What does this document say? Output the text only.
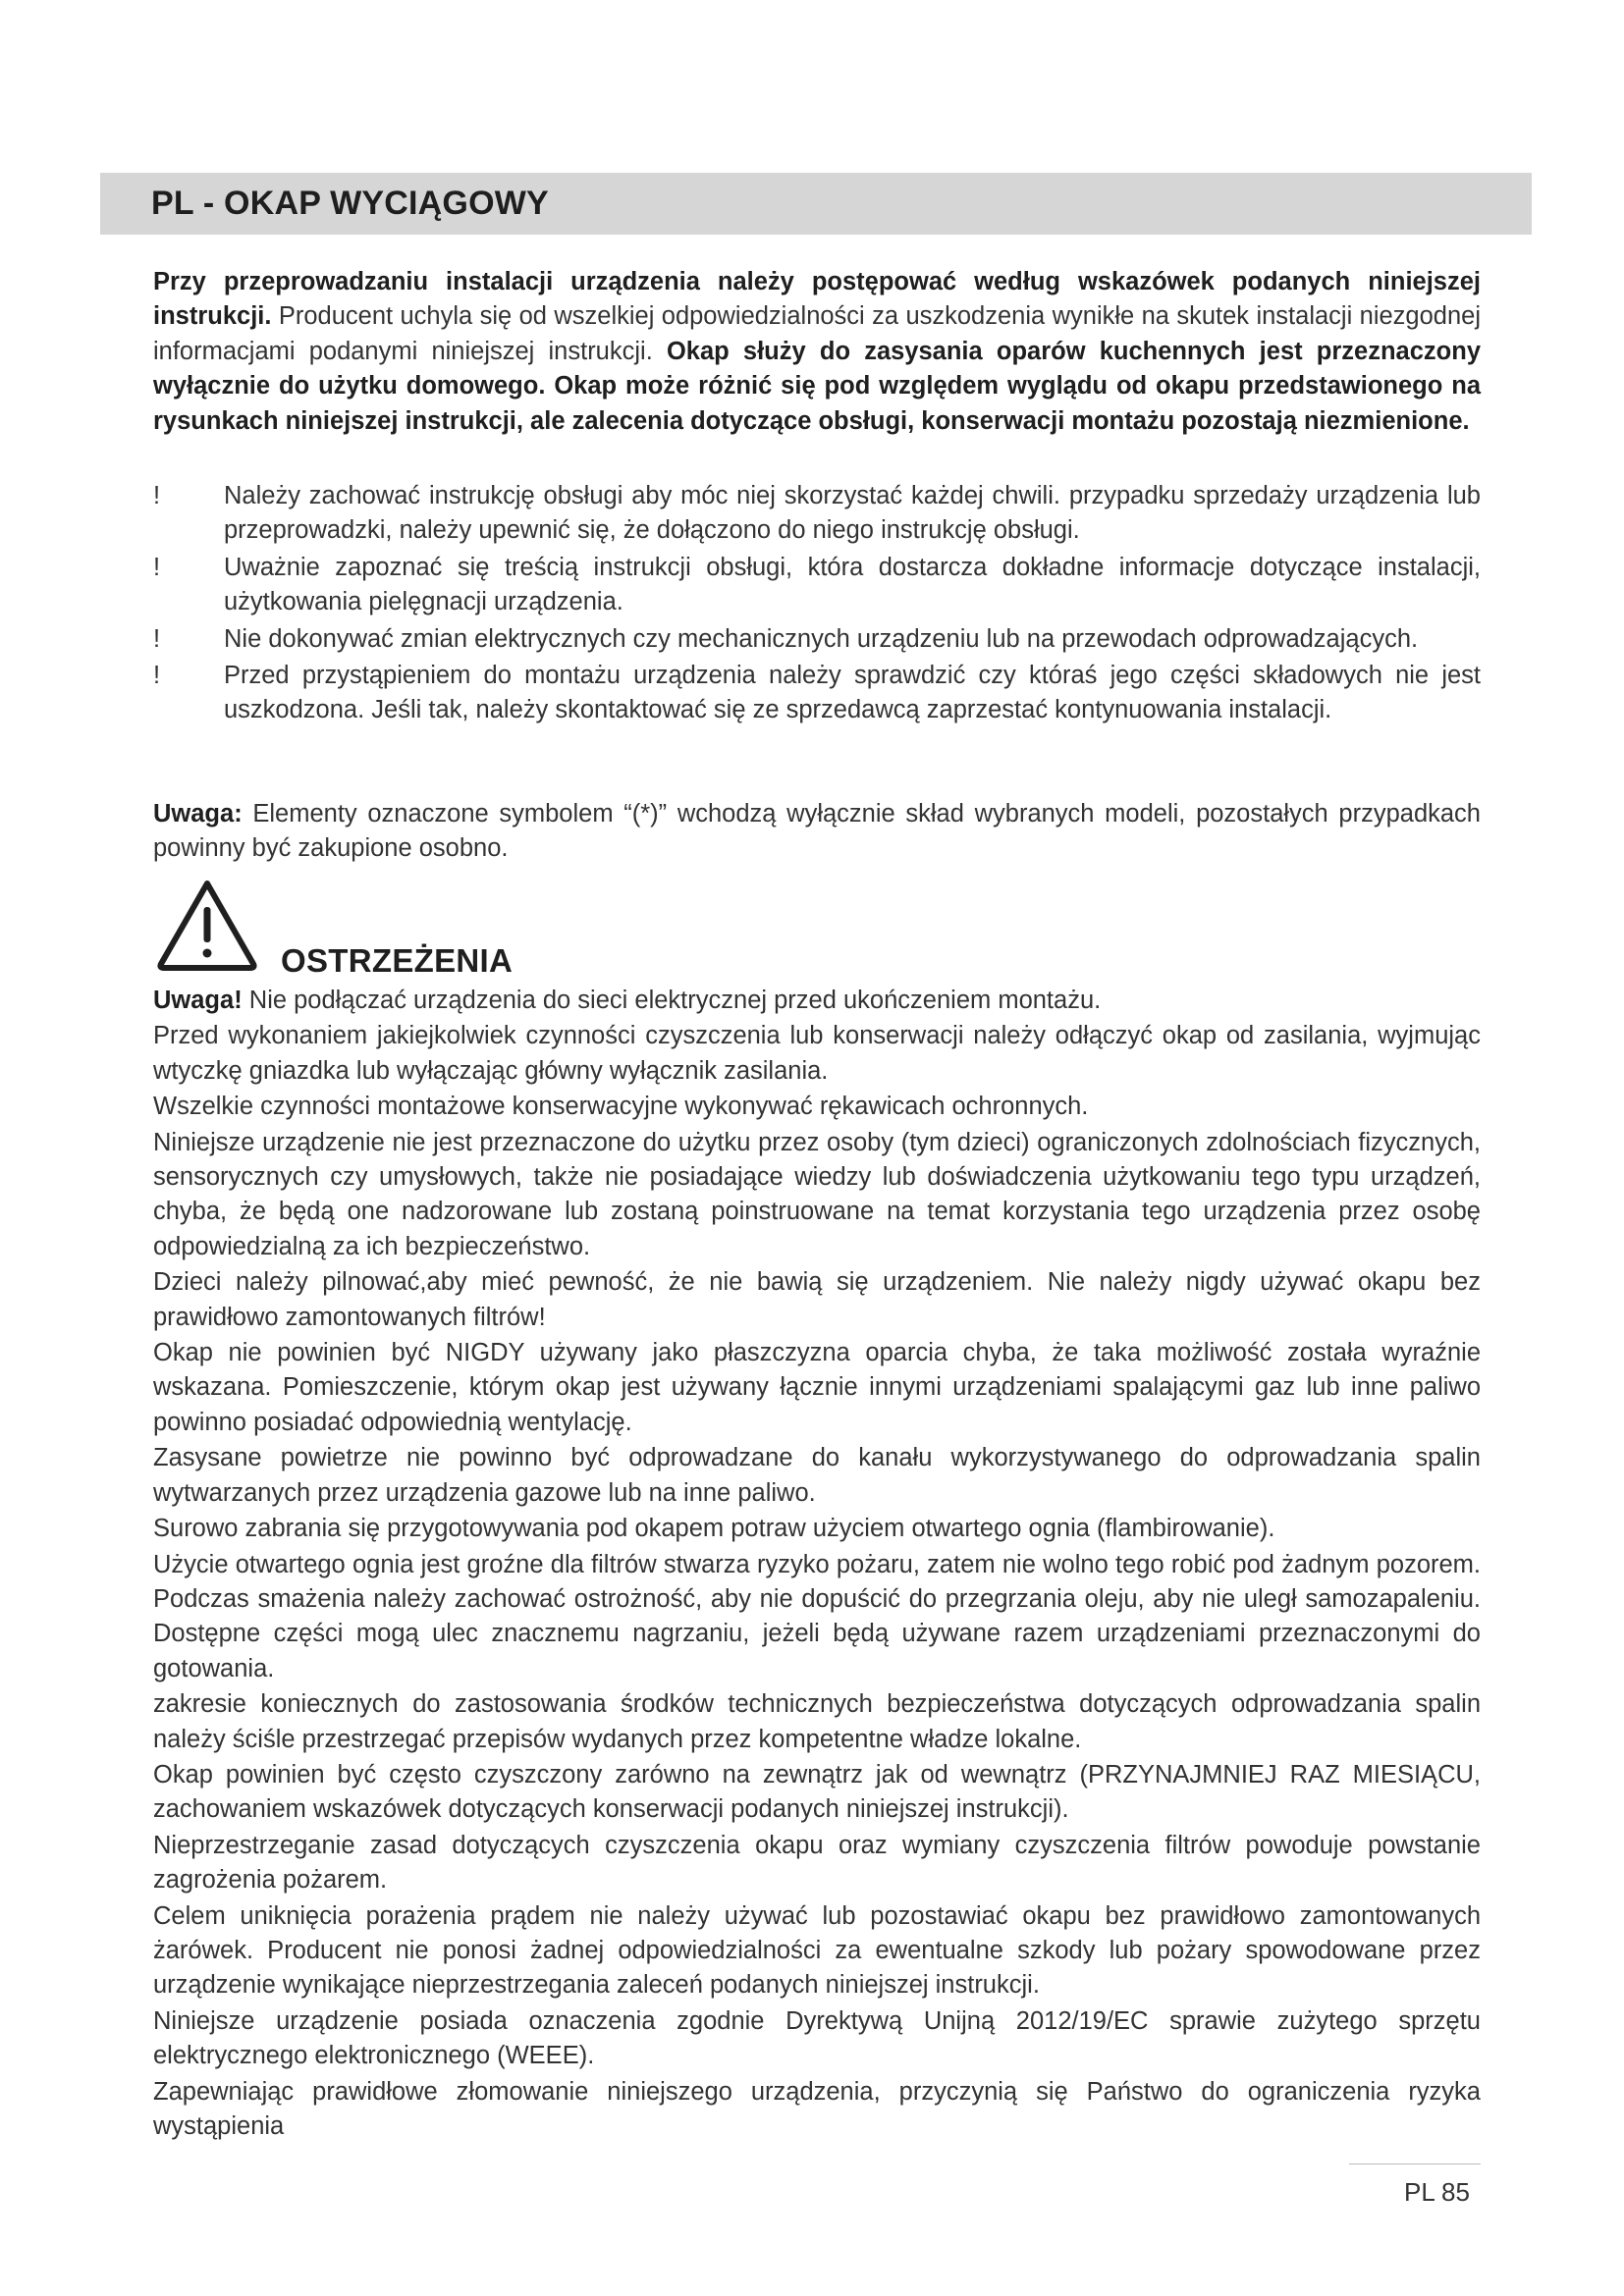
PL - OKAP WYCIĄGOWY
Przy przeprowadzaniu instalacji urządzenia należy postępować według wskazówek podanych niniejszej instrukcji. Producent uchyla się od wszelkiej odpowiedzialności za uszkodzenia wynikłe na skutek instalacji niezgodnej informacjami podanymi niniejszej instrukcji. Okap służy do zasysania oparów kuchennych jest przeznaczony wyłącznie do użytku domowego. Okap może różnić się pod względem wyglądu od okapu przedstawionego na rysunkach niniejszej instrukcji, ale zalecenia dotyczące obsługi, konserwacji montażu pozostają niezmienione.
!	Należy zachować instrukcję obsługi aby móc niej skorzystać każdej chwili. przypadku sprzedaży urządzenia lub przeprowadzki, należy upewnić się, że dołączono do niego instrukcję obsługi.
!	Uważnie zapoznać się treścią instrukcji obsługi, która dostarcza dokładne informacje dotyczące instalacji, użytkowania pielęgnacji urządzenia.
!	Nie dokonywać zmian elektrycznych czy mechanicznych urządzeniu lub na przewodach odprowadzających.
!	Przed przystąpieniem do montażu urządzenia należy sprawdzić czy któraś jego części składowych nie jest uszkodzona. Jeśli tak, należy skontaktować się ze sprzedawcą zaprzestać kontynuowania instalacji.
Uwaga: Elementy oznaczone symbolem “(*)” wchodzą wyłącznie skład wybranych modeli, pozostałych przypadkach powinny być zakupione osobno.
OSTRZEŻENIA

Uwaga! Nie podłączać urządzenia do sieci elektrycznej przed ukończeniem montażu.

Przed wykonaniem jakiejkolwiek czynności czyszczenia lub konserwacji należy odłączyć okap od zasilania, wyjmując wtyczkę gniazdka lub wyłączając główny wyłącznik zasilania.

Wszelkie czynności montażowe konserwacyjne wykonywać rękawicach ochronnych.

Niniejsze urządzenie nie jest przeznaczone do użytku przez osoby (tym dzieci) ograniczonych zdolnościach fizycznych, sensorycznych czy umysłowych, także nie posiadające wiedzy lub doświadczenia użytkowaniu tego typu urządzeń, chyba, że będą one nadzorowane lub zostaną poinstruowane na temat korzystania tego urządzenia przez osobę odpowiedzialną za ich bezpieczeństwo.

Dzieci należy pilnować,aby mieć pewność, że nie bawią się urządzeniem. Nie należy nigdy używać okapu bez prawidłowo zamontowanych filtrów!

Okap nie powinien być NIGDY używany jako płaszczyzna oparcia chyba, że taka możliwość została wyraźnie wskazana. Pomieszczenie, którym okap jest używany łącznie innymi urządzeniami spalającymi gaz lub inne paliwo powinno posiadać odpowiednią wentylację.

Zasysane powietrze nie powinno być odprowadzane do kanału wykorzystywanego do odprowadzania spalin wytwarzanych przez urządzenia gazowe lub na inne paliwo.

Surowo zabrania się przygotowywania pod okapem potraw użyciem otwartego ognia (flambirowanie).

Użycie otwartego ognia jest groźne dla filtrów stwarza ryzyko pożaru, zatem nie wolno tego robić pod żadnym pozorem. Podczas smażenia należy zachować ostrożność, aby nie dopuścić do przegrzania oleju, aby nie uległ samozapaleniu. Dostępne części mogą ulec znacznemu nagrzaniu, jeżeli będą używane razem urządzeniami przeznaczonymi do gotowania.

zakresie koniecznych do zastosowania środków technicznych bezpieczeństwa dotyczących odprowadzania spalin należy ściśle przestrzegać przepisów wydanych przez kompetentne władze lokalne.

Okap powinien być często czyszczony zarówno na zewnątrz jak od wewnątrz (PRZYNAJMNIEJ RAZ MIESIĄCU, zachowaniem wskazówek dotyczących konserwacji podanych niniejszej instrukcji).

Nieprzestrzeganie zasad dotyczących czyszczenia okapu oraz wymiany czyszczenia filtrów powoduje powstanie zagrożenia pożarem.

Celem uniknięcia porażenia prądem nie należy używać lub pozostawiać okapu bez prawidłowo zamontowanych żarówek. Producent nie ponosi żadnej odpowiedzialności za ewentualne szkody lub pożary spowodowane przez urządzenie wynikające nieprzestrzegania zaleceń podanych niniejszej instrukcji.

Niniejsze urządzenie posiada oznaczenia zgodnie Dyrektywą Unijną 2012/19/EC sprawie zużytego sprzętu elektrycznego elektronicznego (WEEE).

Zapewniając prawidłowe złomowanie niniejszego urządzenia, przyczynią się Państwo do ograniczenia ryzyka wystąpienia

PL 85
